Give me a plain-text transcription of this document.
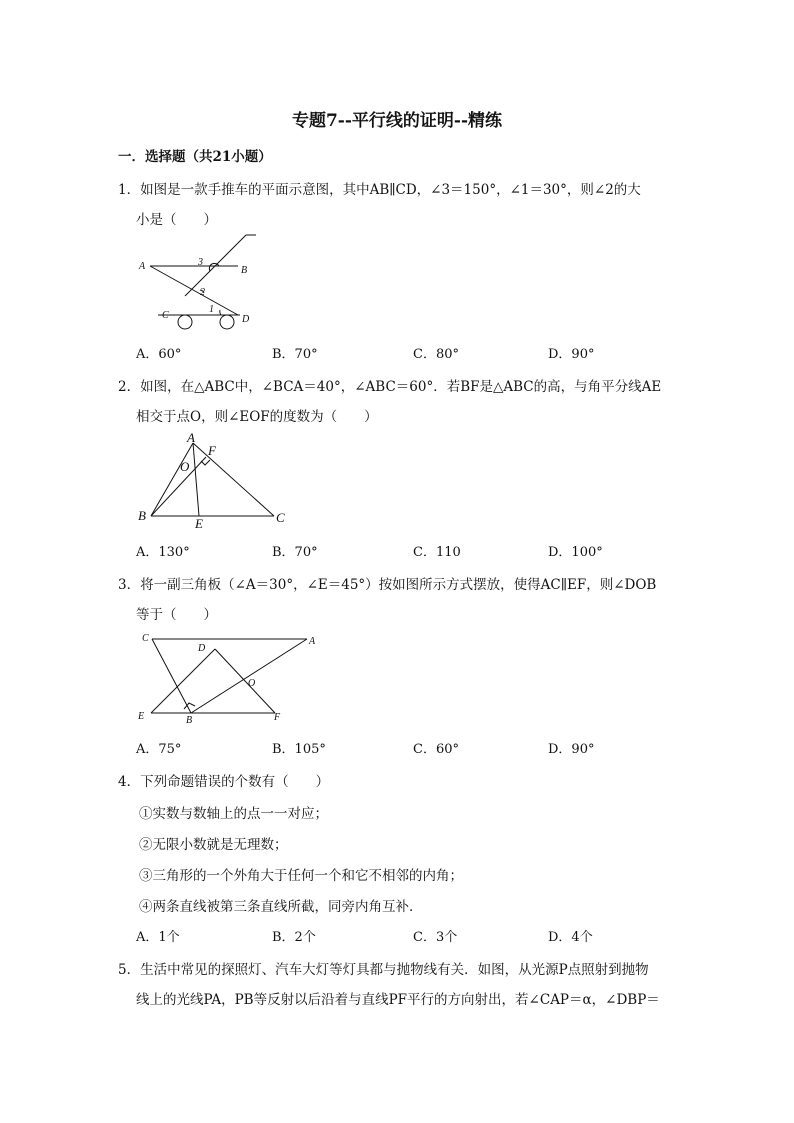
专题7--平行线的证明--精练
一．选择题（共21小题）
1．如图是一款手推车的平面示意图，其中AB∥CD，∠3＝150°，∠1＝30°，则∠2的大
小是（　　）
A	B
C	D
1
2
3
A．60°	B．70°	C．80°	D．90°
2．如图，在△ABC中，∠BCA＝40°，∠ABC＝60°．若BF是△ABC的高，与角平分线AE
相交于点O，则∠EOF的度数为（　　）
A
B	C
E
F
O
A．130°	B．70°	C．110	D．100°
3．将一副三角板（∠A＝30°，∠E＝45°）按如图所示方式摆放，使得AC∥EF，则∠DOB
等于（　　）
C	A
D
O
E	B	F
A．75°	B．105°	C．60°	D．90°
4．下列命题错误的个数有（　　）
①实数与数轴上的点一一对应；
②无限小数就是无理数；
③三角形的一个外角大于任何一个和它不相邻的内角；
④两条直线被第三条直线所截，同旁内角互补．
A．1个	B．2个	C．3个	D．4个
5．生活中常见的探照灯、汽车大灯等灯具都与抛物线有关．如图，从光源P点照射到抛物
线上的光线PA，PB等反射以后沿着与直线PF平行的方向射出，若∠CAP＝α，∠DBP＝
